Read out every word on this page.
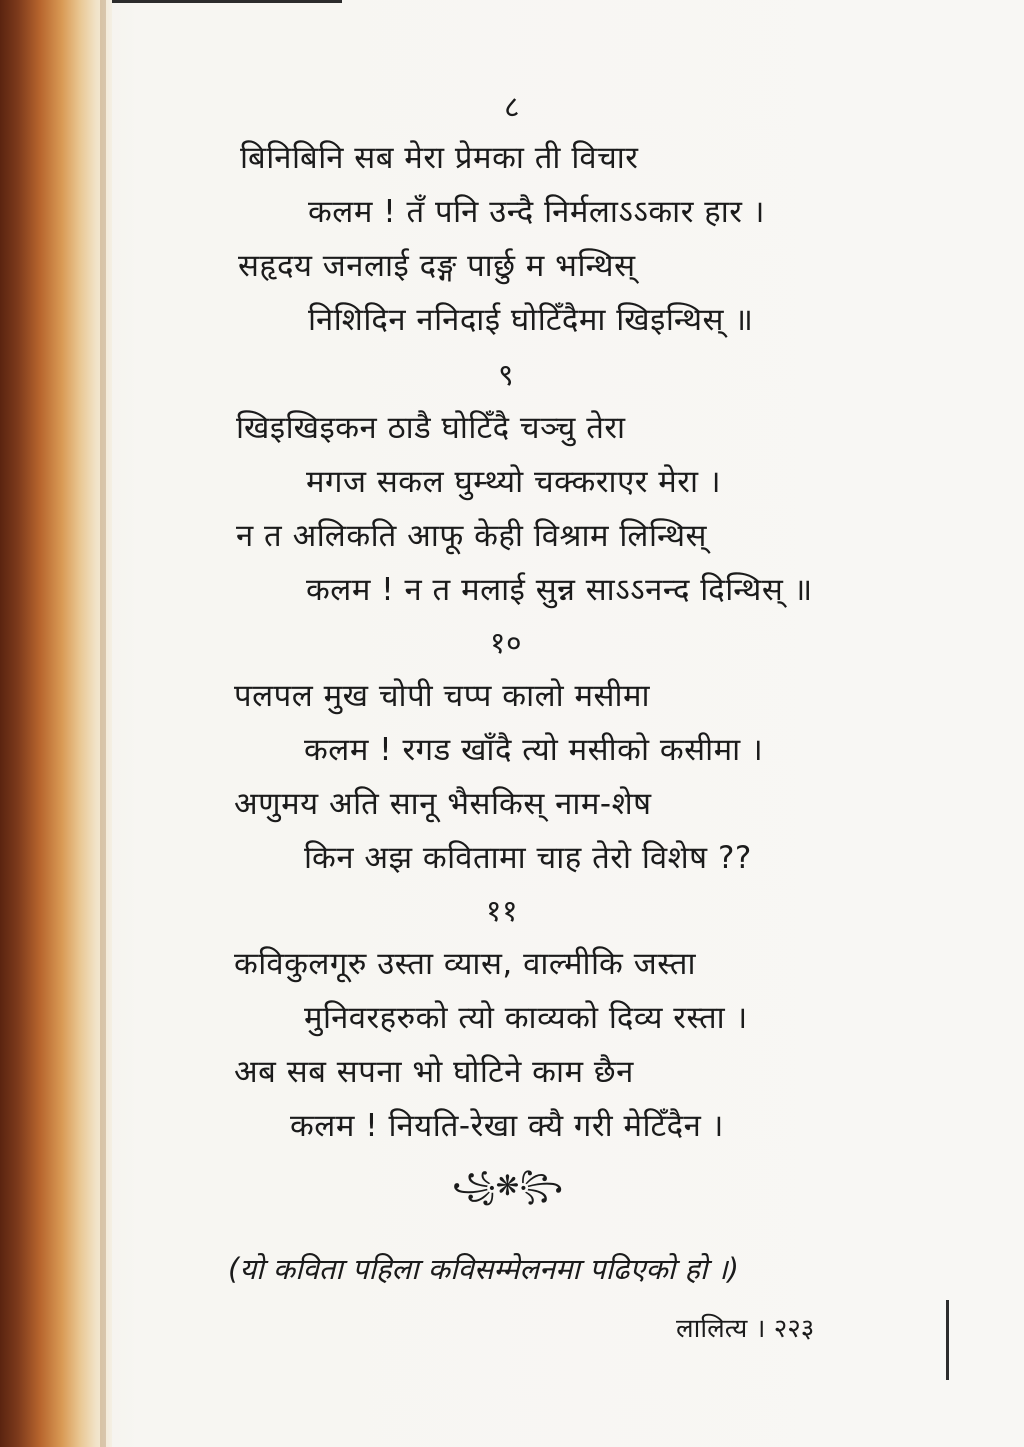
८
बिनिबिनि सब मेरा प्रेमका ती विचार
कलम ! तँ पनि उन्दै निर्मलाऽऽकार हार ।
सहृदय जनलाई दङ्ग पार्छु म भन्थिस्
निशिदिन ननिदाई घोटिँदैमा खिइन्थिस् ॥
९
खिइखिइकन ठाडै घोटिँदै चञ्चु तेरा
मगज सकल घुम्थ्यो चक्कराएर मेरा ।
न त अलिकति आफू केही विश्राम लिन्थिस्
कलम ! न त मलाई सुन्न साऽऽनन्द दिन्थिस् ॥
१०
पलपल मुख चोपी चप्प कालो मसीमा
कलम ! रगड खाँदै त्यो मसीको कसीमा ।
अणुमय अति सानू भैसकिस् नाम-शेष
किन अझ कवितामा चाह तेरो विशेष ??
११
कविकुलगूरु उस्ता व्यास, वाल्मीकि जस्ता
मुनिवरहरुको त्यो काव्यको दिव्य रस्ता ।
अब सब सपना भो घोटिने काम छैन
कलम ! नियति-रेखा क्यै गरी मेटिँदैन ।
꧁❋꧂
(यो कविता पहिला कविसम्मेलनमा पढिएको हो ।)
लालित्य । २२३
